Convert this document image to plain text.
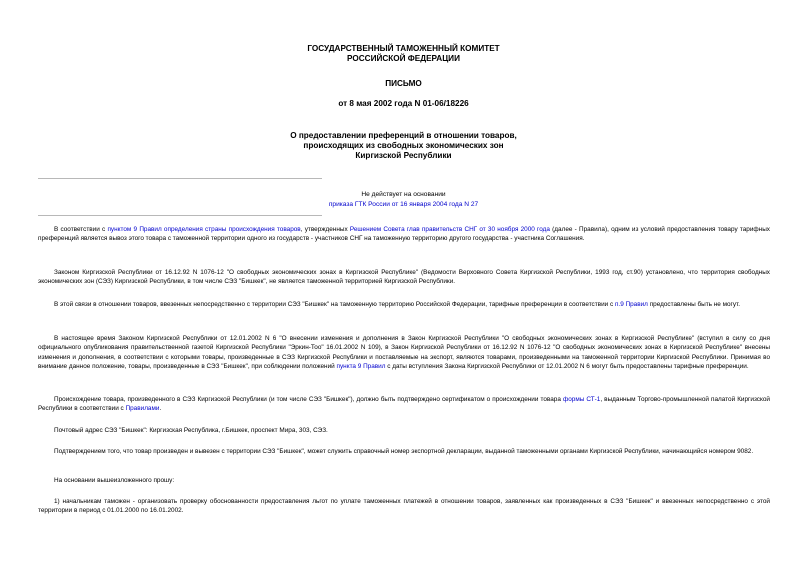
ГОСУДАРСТВЕННЫЙ ТАМОЖЕННЫЙ КОМИТЕТ
РОССИЙСКОЙ ФЕДЕРАЦИИ
ПИСЬМО
от 8 мая 2002 года N 01-06/18226
О предоставлении преференций в отношении товаров,
происходящих из свободных экономических зон
Киргизской Республики
Не действует на основании
приказа ГТК России от 16 января 2004 года N 27
В соответствии с пунктом 9 Правил определения страны происхождения товаров, утвержденных Решением Совета глав правительств СНГ от 30 ноября 2000 года (далее - Правила), одним из условий предоставления товару тарифных преференций является вывоз этого товара с таможенной территории одного из государств - участников СНГ на таможенную территорию другого государства - участника Соглашения.
Законом Киргизской Республики от 16.12.92 N 1076-12 "О свободных экономических зонах в Киргизской Республике" (Ведомости Верховного Совета Киргизской Республики, 1993 год, ст.90) установлено, что территория свободных экономических зон (СЭЗ) Киргизской Республики, в том числе СЭЗ "Бишкек", не является таможенной территорией Киргизской Республики.
В этой связи в отношении товаров, ввезенных непосредственно с территории СЭЗ "Бишкек" на таможенную территорию Российской Федерации, тарифные преференции в соответствии с п.9 Правил предоставлены быть не могут.
В настоящее время Законом Киргизской Республики от 12.01.2002 N 6 "О внесении изменения и дополнения в Закон Киргизской Республики "О свободных экономических зонах в Киргизской Республике" (вступил в силу со дня официального опубликования правительственной газетой Киргизской Республики "Эркин-Тоо" 16.01.2002 N 109), в Закон Киргизской Республики от 16.12.92 N 1076-12 "О свободных экономических зонах в Киргизской Республике" внесены изменения и дополнения, в соответствии с которыми товары, произведенные в СЭЗ Киргизской Республики и поставляемые на экспорт, являются товарами, произведенными на таможенной территории Киргизской Республики. Принимая во внимание данное положение, товары, произведенные в СЭЗ "Бишкек", при соблюдении положений пункта 9 Правил с даты вступления Закона Киргизской Республики от 12.01.2002 N 6 могут быть предоставлены тарифные преференции.
Происхождение товара, произведенного в СЭЗ Киргизской Республики (и том числе СЭЗ "Бишкек"), должно быть подтверждено сертификатом о происхождении товара формы СТ-1, выданным Торгово-промышленной палатой Киргизской Республики в соответствии с Правилами.
Почтовый адрес СЭЗ "Бишкек": Киргизская Республика, г.Бишкек, проспект Мира, 303, СЭЗ.
Подтверждением того, что товар произведен и вывезен с территории СЭЗ "Бишкек", может служить справочный номер экспортной декларации, выданной таможенными органами Киргизской Республики, начинающийся номером 9082.
На основании вышеизложенного прошу:
1) начальникам таможен - организовать проверку обоснованности предоставления льгот по уплате таможенных платежей в отношении товаров, заявленных как произведенных в СЭЗ "Бишкек" и ввезенных непосредственно с этой территории в период с 01.01.2000 по 16.01.2002.
